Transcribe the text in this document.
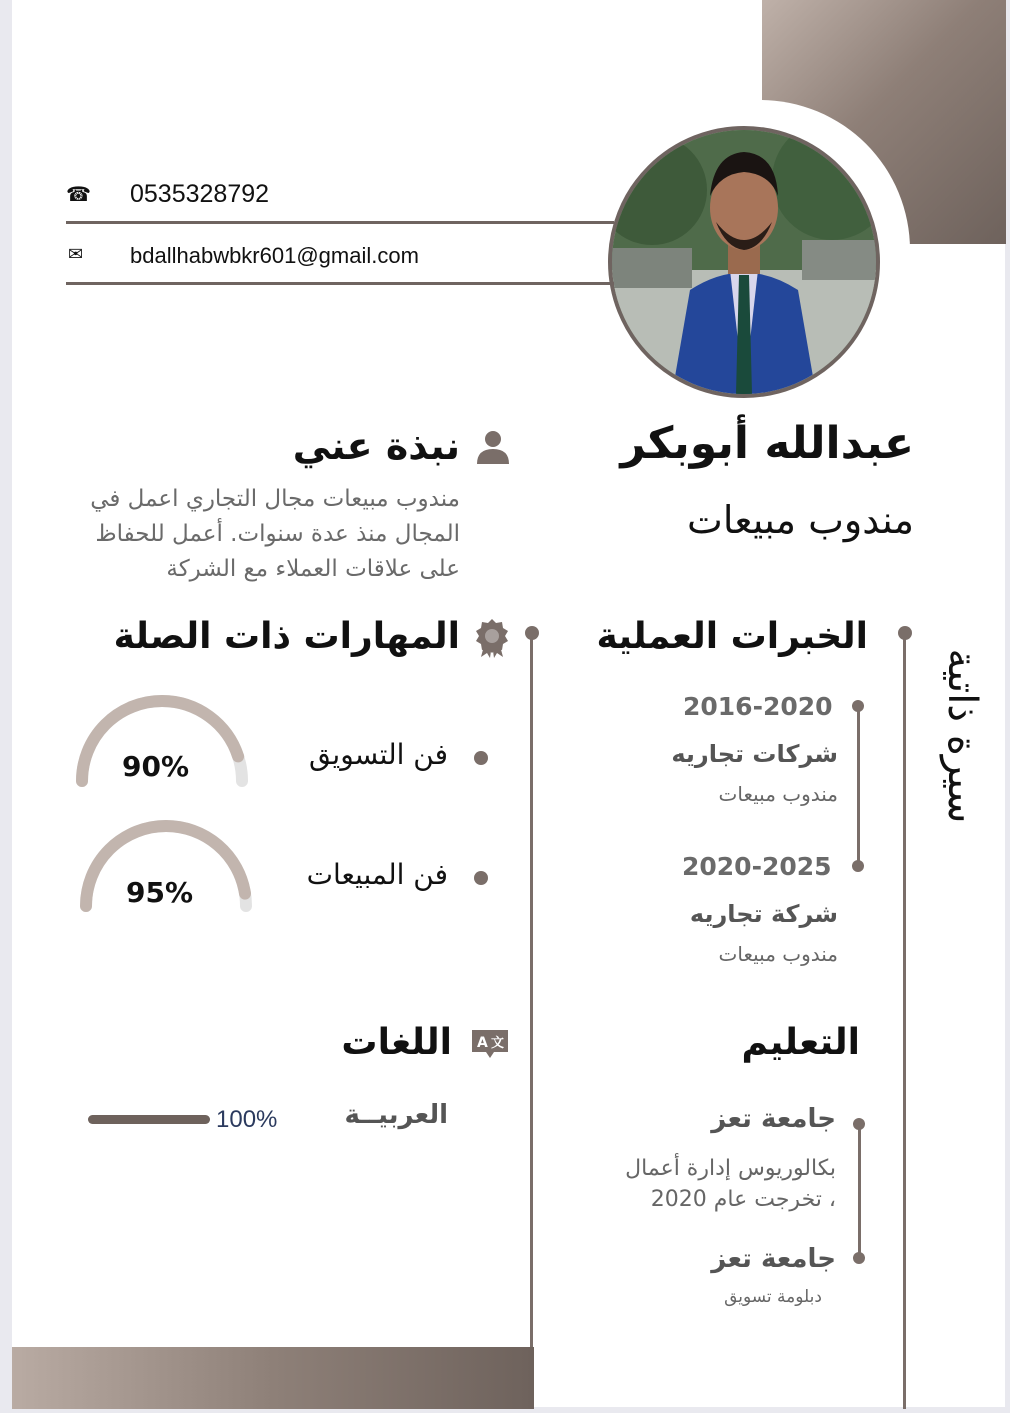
☎ 0535328792
✉ bdallhabwbkr601@gmail.com
عبدالله أبوبكر
مندوب مبيعات
سيرة ذاتية
نبذة عني
مندوب مبيعات مجال التجاري اعمل في
المجال منذ عدة سنوات. أعمل للحفاظ
على علاقات العملاء مع الشركة
الخبرات العملية
2016-2020
شركات تجاريه
مندوب مبيعات
2020-2025
شركة تجاريه
مندوب مبيعات
المهارات ذات الصلة
فن التسويق
فن المبيعات
90%
95%
التعليم
جامعة تعز
بكالوريوس إدارة أعمال
، تخرجت عام 2020
جامعة تعز
دبلومة تسويق
A 文
اللغات
العربيــة
100%
